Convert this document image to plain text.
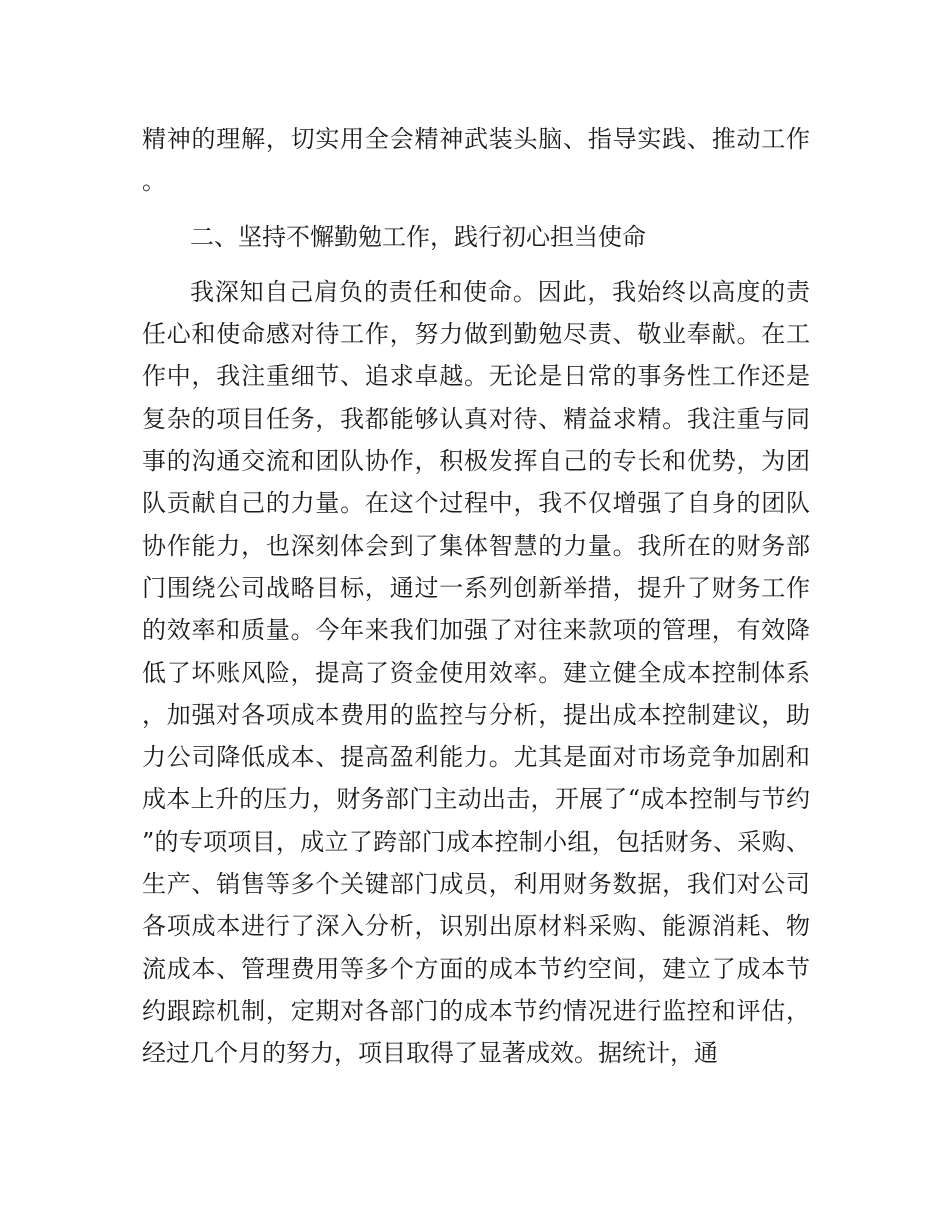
精神的理解，切实用全会精神武装头脑、指导实践、推动工作。

二、坚持不懈勤勉工作，践行初心担当使命

我深知自己肩负的责任和使命。因此，我始终以高度的责任心和使命感对待工作，努力做到勤勉尽责、敬业奉献。在工作中，我注重细节、追求卓越。无论是日常的事务性工作还是复杂的项目任务，我都能够认真对待、精益求精。我注重与同事的沟通交流和团队协作，积极发挥自己的专长和优势，为团队贡献自己的力量。在这个过程中，我不仅增强了自身的团队协作能力，也深刻体会到了集体智慧的力量。我所在的财务部门围绕公司战略目标，通过一系列创新举措，提升了财务工作的效率和质量。今年来我们加强了对往来款项的管理，有效降低了坏账风险，提高了资金使用效率。建立健全成本控制体系，加强对各项成本费用的监控与分析，提出成本控制建议，助力公司降低成本、提高盈利能力。尤其是面对市场竞争加剧和成本上升的压力，财务部门主动出击，开展了“成本控制与节约”的专项项目，成立了跨部门成本控制小组，包括财务、采购、生产、销售等多个关键部门成员，利用财务数据，我们对公司各项成本进行了深入分析，识别出原材料采购、能源消耗、物流成本、管理费用等多个方面的成本节约空间，建立了成本节约跟踪机制，定期对各部门的成本节约情况进行监控和评估，经过几个月的努力，项目取得了显著成效。据统计，通
